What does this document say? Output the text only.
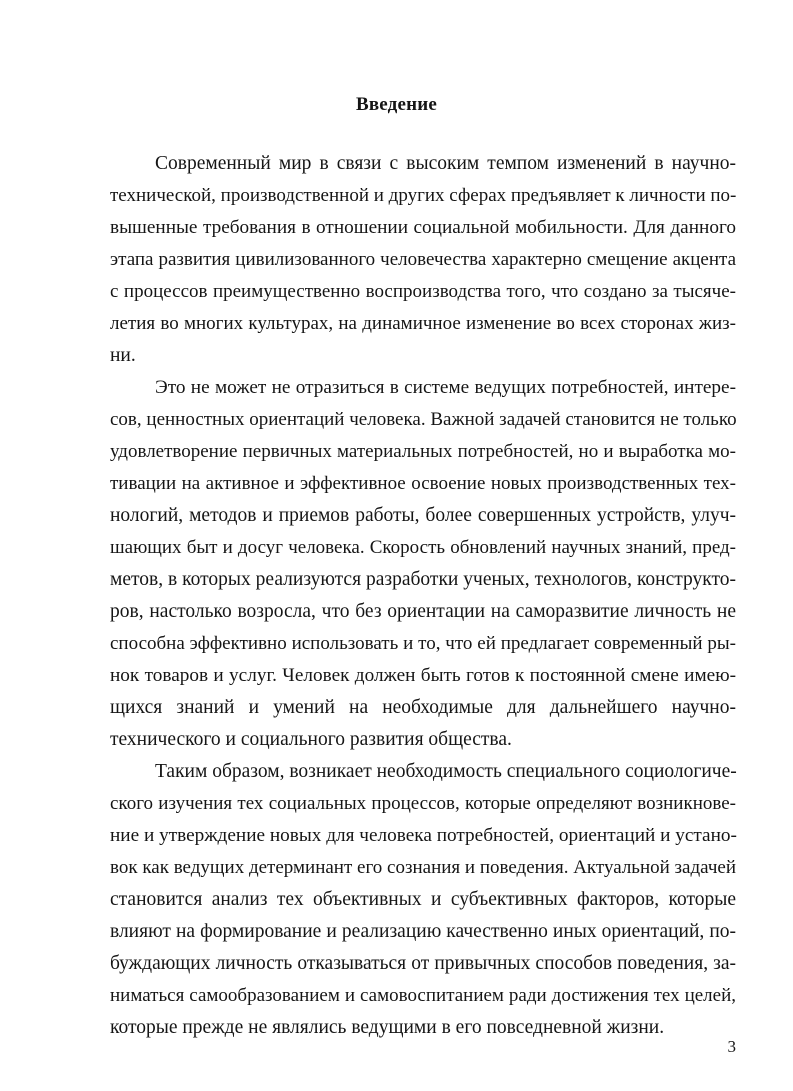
Введение
Современный мир в связи с высоким темпом изменений в научно-
технической, производственной и других сферах предъявляет к личности по-
вышенные требования в отношении социальной мобильности. Для данного
этапа развития цивилизованного человечества характерно смещение акцента
с процессов преимущественно воспроизводства того, что создано за тысяче-
летия во многих культурах, на динамичное изменение во всех сторонах жиз-
ни.
Это не может не отразиться в системе ведущих потребностей, интере-
сов, ценностных ориентаций человека. Важной задачей становится не только
удовлетворение первичных материальных потребностей, но и выработка мо-
тивации на активное и эффективное освоение новых производственных тех-
нологий, методов и приемов работы, более совершенных устройств, улуч-
шающих быт и досуг человека. Скорость обновлений научных знаний, пред-
метов, в которых реализуются разработки ученых, технологов, конструкто-
ров, настолько возросла, что без ориентации на саморазвитие личность не
способна эффективно использовать и то, что ей предлагает современный ры-
нок товаров и услуг. Человек должен быть готов к постоянной смене имею-
щихся знаний и умений на необходимые для дальнейшего научно-
технического и социального развития общества.
Таким образом, возникает необходимость специального социологиче-
ского изучения тех социальных процессов, которые определяют возникнове-
ние и утверждение новых для человека потребностей, ориентаций и устано-
вок как ведущих детерминант его сознания и поведения. Актуальной задачей
становится анализ тех объективных и субъективных факторов, которые
влияют на формирование и реализацию качественно иных ориентаций, по-
буждающих личность отказываться от привычных способов поведения, за-
ниматься самообразованием и самовоспитанием ради достижения тех целей,
которые прежде не являлись ведущими в его повседневной жизни.
3
